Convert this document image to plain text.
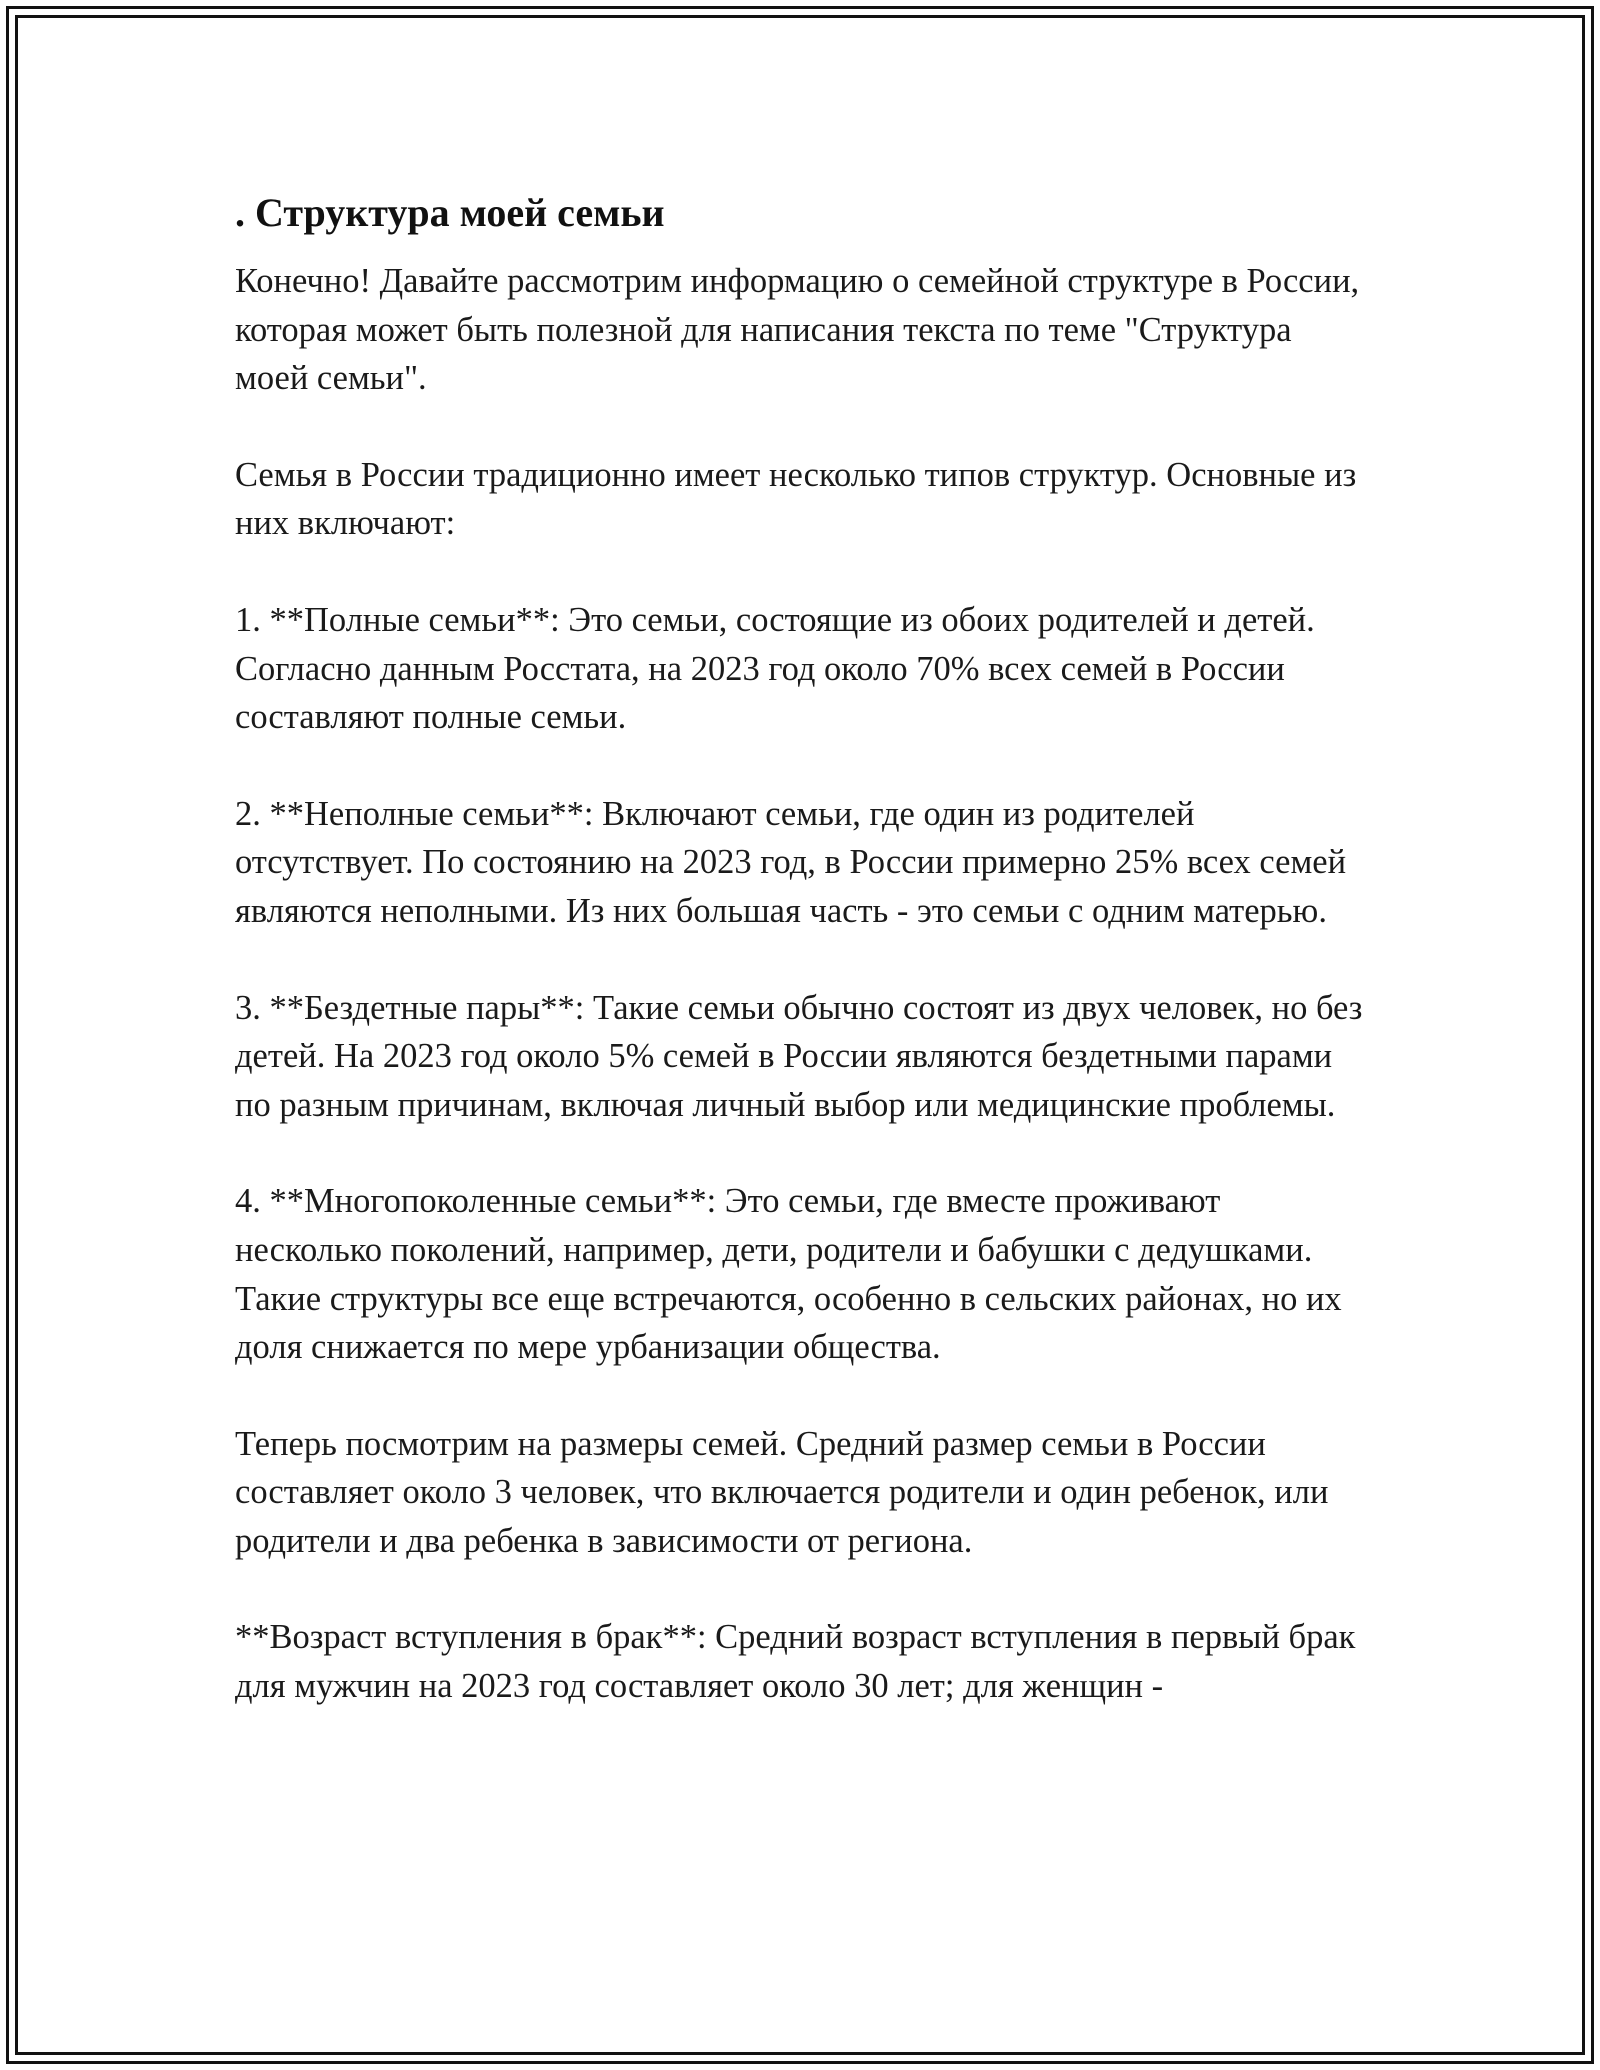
. Структура моей семьи

Конечно! Давайте рассмотрим информацию о семейной структуре в России, которая может быть полезной для написания текста по теме "Структура моей семьи".

Семья в России традиционно имеет несколько типов структур. Основные из них включают:

1. **Полные семьи**: Это семьи, состоящие из обоих родителей и детей. Согласно данным Росстата, на 2023 год около 70% всех семей в России составляют полные семьи.

2. **Неполные семьи**: Включают семьи, где один из родителей отсутствует. По состоянию на 2023 год, в России примерно 25% всех семей являются неполными. Из них большая часть - это семьи с одним матерью.

3. **Бездетные пары**: Такие семьи обычно состоят из двух человек, но без детей. На 2023 год около 5% семей в России являются бездетными парами по разным причинам, включая личный выбор или медицинские проблемы.

4. **Многопоколенные семьи**: Это семьи, где вместе проживают несколько поколений, например, дети, родители и бабушки с дедушками. Такие структуры все еще встречаются, особенно в сельских районах, но их доля снижается по мере урбанизации общества.

Теперь посмотрим на размеры семей. Средний размер семьи в России составляет около 3 человек, что включается родители и один ребенок, или родители и два ребенка в зависимости от региона.

**Возраст вступления в брак**: Средний возраст вступления в первый брак для мужчин на 2023 год составляет около 30 лет; для женщин -
